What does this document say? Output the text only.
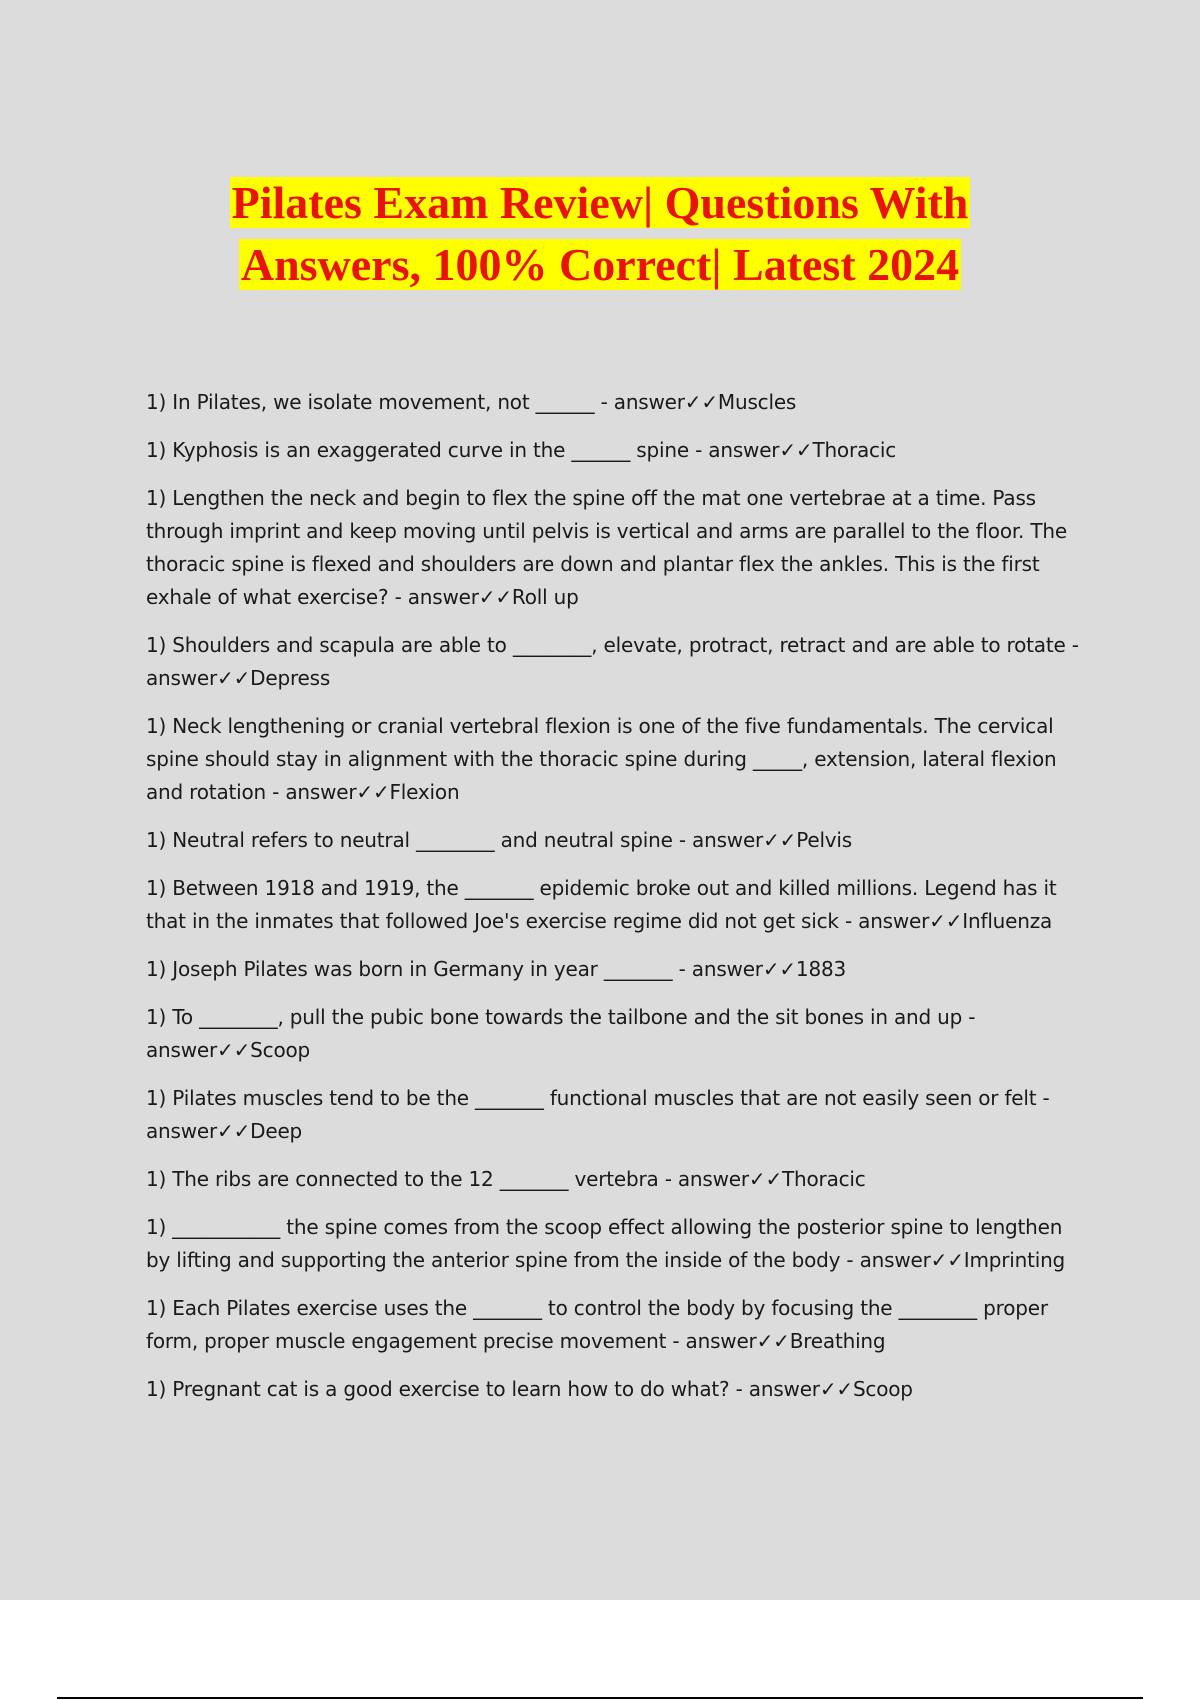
Pilates Exam Review| Questions With
Answers, 100% Correct| Latest 2024

1) In Pilates, we isolate movement, not ______ - answer✓✓Muscles

1) Kyphosis is an exaggerated curve in the ______ spine - answer✓✓Thoracic

1) Lengthen the neck and begin to flex the spine off the mat one vertebrae at a time. Pass through imprint and keep moving until pelvis is vertical and arms are parallel to the floor. The thoracic spine is flexed and shoulders are down and plantar flex the ankles. This is the first exhale of what exercise? - answer✓✓Roll up

1) Shoulders and scapula are able to ________, elevate, protract, retract and are able to rotate - answer✓✓Depress

1) Neck lengthening or cranial vertebral flexion is one of the five fundamentals. The cervical spine should stay in alignment with the thoracic spine during _____, extension, lateral flexion and rotation - answer✓✓Flexion

1) Neutral refers to neutral ________ and neutral spine - answer✓✓Pelvis

1) Between 1918 and 1919, the _______ epidemic broke out and killed millions. Legend has it that in the inmates that followed Joe's exercise regime did not get sick - answer✓✓Influenza

1) Joseph Pilates was born in Germany in year _______ - answer✓✓1883

1) To ________, pull the pubic bone towards the tailbone and the sit bones in and up - answer✓✓Scoop

1) Pilates muscles tend to be the _______ functional muscles that are not easily seen or felt - answer✓✓Deep

1) The ribs are connected to the 12 _______ vertebra - answer✓✓Thoracic

1) ___________ the spine comes from the scoop effect allowing the posterior spine to lengthen by lifting and supporting the anterior spine from the inside of the body - answer✓✓Imprinting

1) Each Pilates exercise uses the _______ to control the body by focusing the ________ proper form, proper muscle engagement precise movement - answer✓✓Breathing

1) Pregnant cat is a good exercise to learn how to do what? - answer✓✓Scoop
